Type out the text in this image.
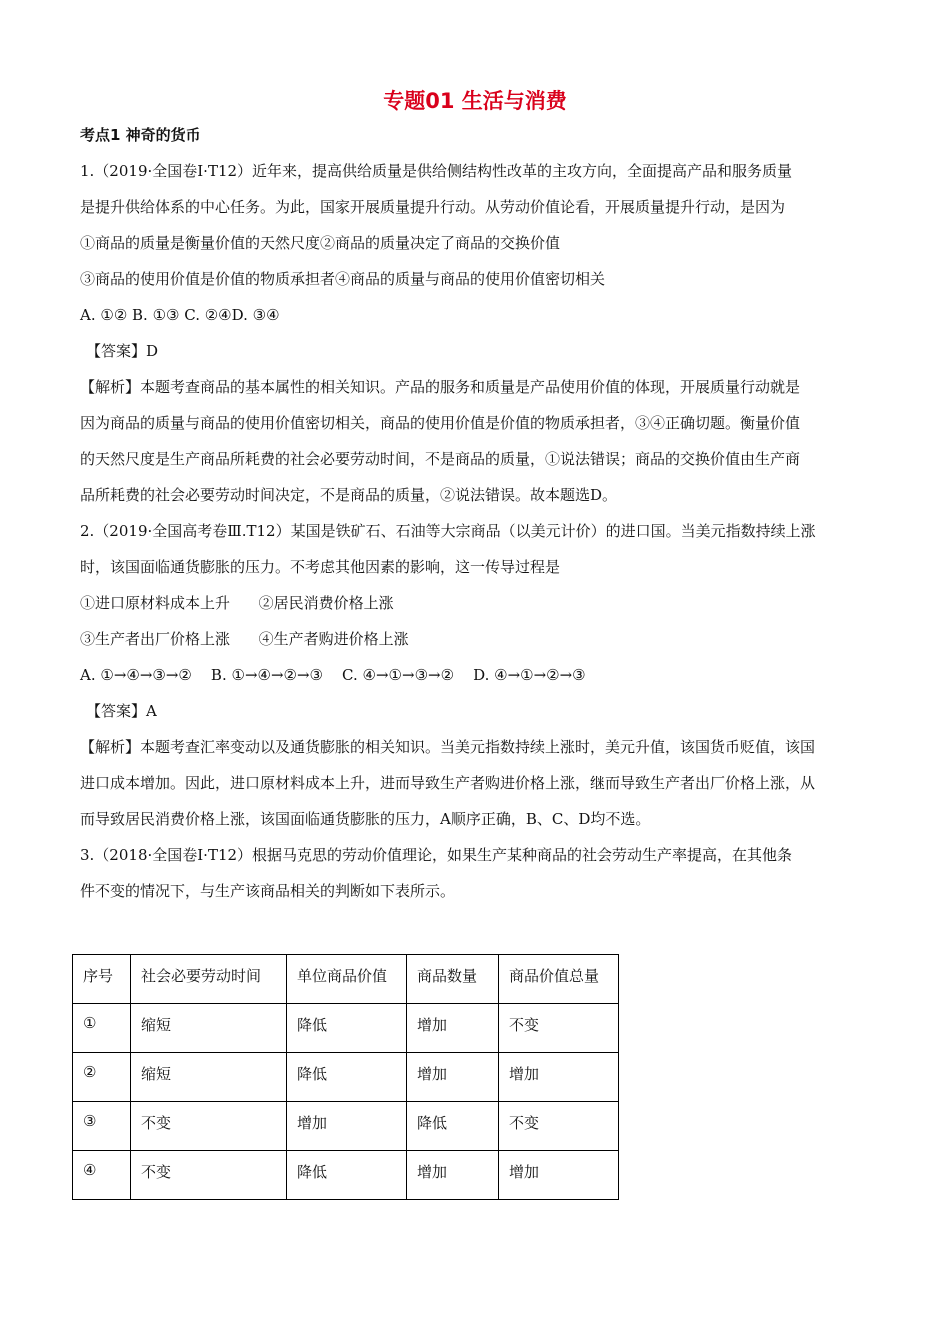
专题01 生活与消费
考点1 神奇的货币
1.（2019·全国卷Ⅰ·T12）近年来，提高供给质量是供给侧结构性改革的主攻方向，全面提高产品和服务质量
是提升供给体系的中心任务。为此，国家开展质量提升行动。从劳动价值论看，开展质量提升行动，是因为
①商品的质量是衡量价值的天然尺度②商品的质量决定了商品的交换价值
③商品的使用价值是价值的物质承担者④商品的质量与商品的使用价值密切相关
A. ①② B. ①③ C. ②④D. ③④
【答案】D
【解析】本题考查商品的基本属性的相关知识。产品的服务和质量是产品使用价值的体现，开展质量行动就是
因为商品的质量与商品的使用价值密切相关，商品的使用价值是价值的物质承担者，③④正确切题。衡量价值
的天然尺度是生产商品所耗费的社会必要劳动时间，不是商品的质量，①说法错误；商品的交换价值由生产商
品所耗费的社会必要劳动时间决定，不是商品的质量，②说法错误。故本题选D。
2.（2019·全国高考卷Ⅲ.T12）某国是铁矿石、石油等大宗商品（以美元计价）的进口国。当美元指数持续上涨
时，该国面临通货膨胀的压力。不考虑其他因素的影响，这一传导过程是
①进口原材料成本上升      ②居民消费价格上涨
③生产者出厂价格上涨      ④生产者购进价格上涨
A. ①→④→③→②    B. ①→④→②→③    C. ④→①→③→②    D. ④→①→②→③
【答案】A
【解析】本题考查汇率变动以及通货膨胀的相关知识。当美元指数持续上涨时，美元升值，该国货币贬值，该国
进口成本增加。因此，进口原材料成本上升，进而导致生产者购进价格上涨，继而导致生产者出厂价格上涨，从
而导致居民消费价格上涨，该国面临通货膨胀的压力，A顺序正确，B、C、D均不选。
3.（2018·全国卷Ⅰ·T12）根据马克思的劳动价值理论，如果生产某种商品的社会劳动生产率提高，在其他条
件不变的情况下，与生产该商品相关的判断如下表所示。
序号	社会必要劳动时间	单位商品价值	商品数量	商品价值总量
①	缩短	降低	增加	不变
②	缩短	降低	增加	增加
③	不变	增加	降低	不变
④	不变	降低	增加	增加
